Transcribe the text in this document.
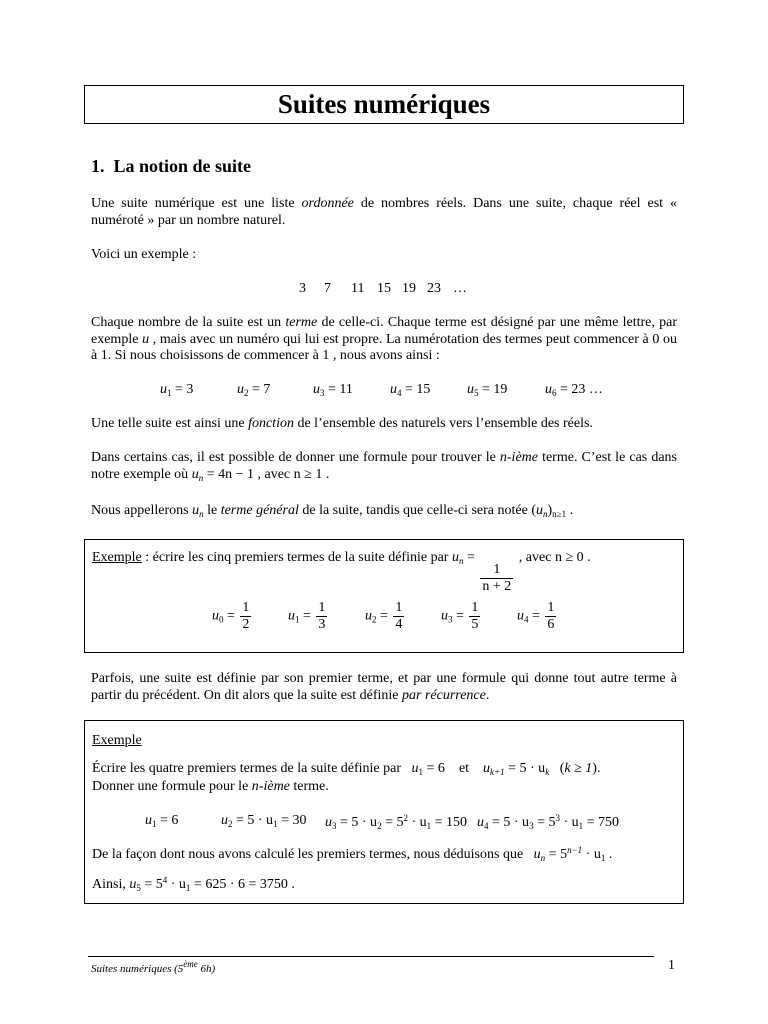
Suites numériques
1. La notion de suite
Une suite numérique est une liste ordonnée de nombres réels. Dans une suite, chaque réel est « numéroté » par un nombre naturel.
Voici un exemple :
3 7 11 15 19 23 …
Chaque nombre de la suite est un terme de celle-ci. Chaque terme est désigné par une même lettre, par exemple u , mais avec un numéro qui lui est propre. La numérotation des termes peut commencer à 0 ou à 1. Si nous choisissons de commencer à 1 , nous avons ainsi :
$u_1 = 3$	$u_2 = 7$	$u_3 = 11$	$u_4 = 15$	$u_5 = 19$	$u_6 = 23$ …
Une telle suite est ainsi une fonction de l’ensemble des naturels vers l’ensemble des réels.
Dans certains cas, il est possible de donner une formule pour trouver le n-ième terme. C’est le cas dans notre exemple où $u_n = 4n - 1$ , avec n ≥ 1 .
Nous appellerons $u_n$ le terme général de la suite, tandis que celle-ci sera notée $(u_n)_{n\ge 1}$ .
Exemple : écrire les cinq premiers termes de la suite définie par $u_n$ =
$\frac{1}{n + 2}$
, avec n ≥ 0 .
$u_0 = \frac{1}{2}$	$u_1 = \frac{1}{3}$	$u_2 = \frac{1}{4}$	$u_3 = \frac{1}{5}$	$u_4 = \frac{1}{6}$
Parfois, une suite est définie par son premier terme, et par une formule qui donne tout autre terme à partir du précédent. On dit alors que la suite est définie par récurrence.
Exemple
Écrire les quatre premiers termes de la suite définie par   $u_1 = 6$ et $u_{k+1} = 5 \cdot u_k$   (k ≥ 1).
Donner une formule pour le n-ième terme.
$u_1 = 6$	$u_2 = 5 \cdot u_1 = 30$ $u_3 = 5 \cdot u_2 = 5^2 \cdot u_1 = 150$ $u_4 = 5 \cdot u_3 = 5^3 \cdot u_1 = 750$
De la façon dont nous avons calculé les premiers termes, nous déduisons que   $u_n = 5^{n-1} \cdot u_1$ .
Ainsi, $u_5 = 5^4 \cdot u_1 = 625 \cdot 6 = 3750$ .
Suites numériques (5ème 6h)	1
